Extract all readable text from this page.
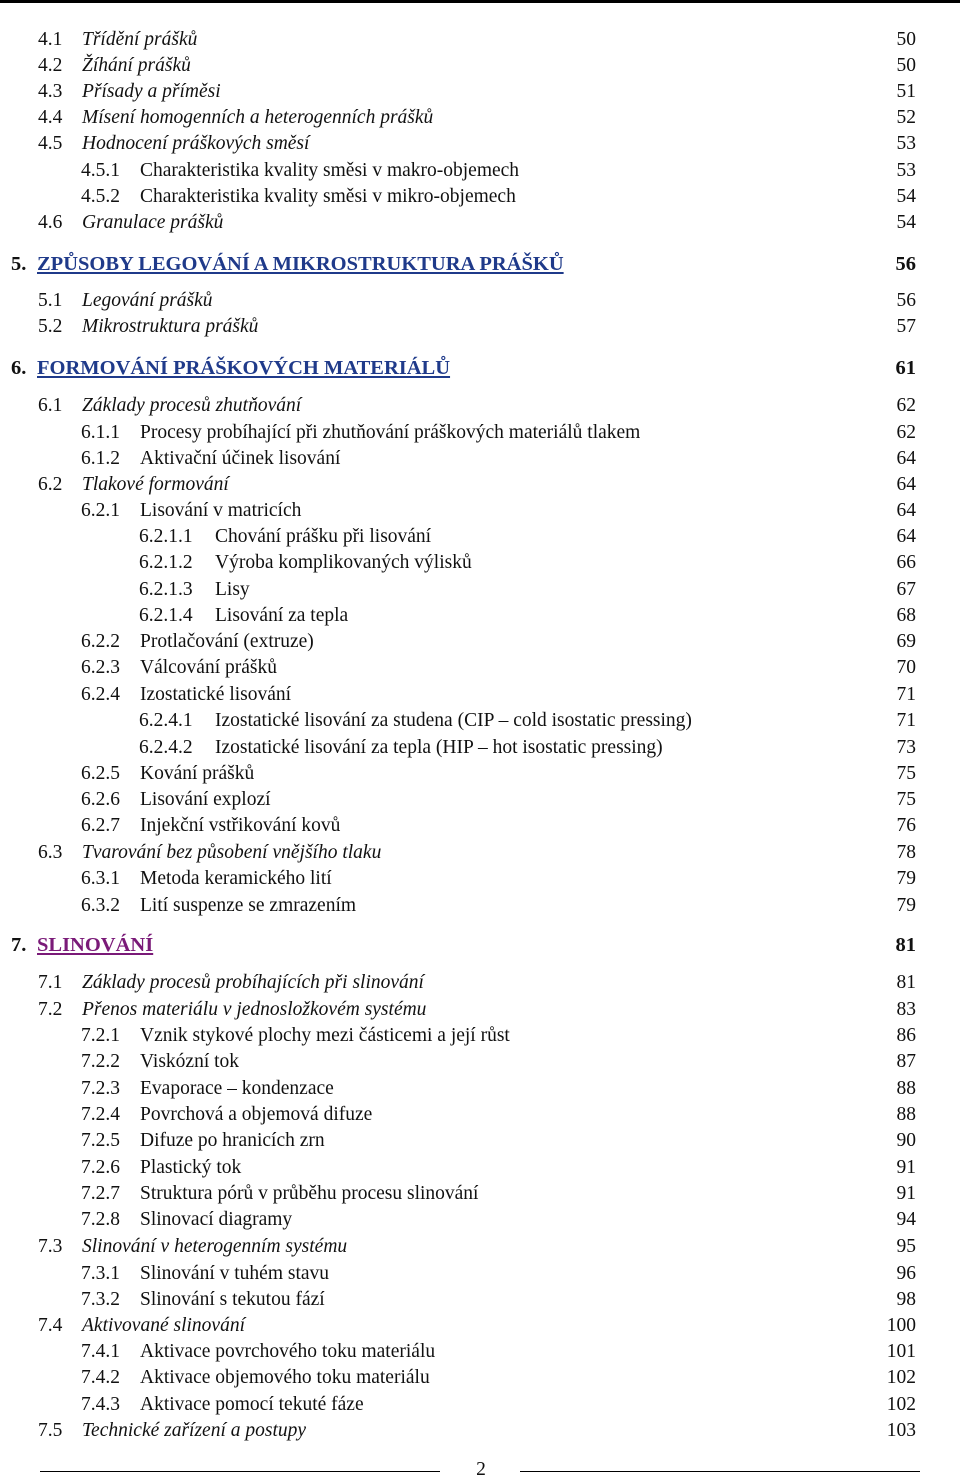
4.1 Třídění prášků	50
4.2 Žíhání prášků	50
4.3 Přísady a příměsi	51
4.4 Mísení homogenních a heterogenních prášků	52
4.5 Hodnocení práškových směsí	53
4.5.1 Charakteristika kvality směsi v makro-objemech	53
4.5.2 Charakteristika kvality směsi v mikro-objemech	54
4.6 Granulace prášků	54
5. ZPŮSOBY LEGOVÁNÍ A MIKROSTRUKTURA PRÁŠKŮ	56
5.1 Legování prášků	56
5.2 Mikrostruktura prášků	57
6. FORMOVÁNÍ PRÁŠKOVÝCH MATERIÁLŮ	61
6.1 Základy procesů zhutňování	62
6.1.1 Procesy probíhající při zhutňování práškových materiálů tlakem	62
6.1.2 Aktivační účinek lisování	64
6.2 Tlakové formování	64
6.2.1 Lisování v matricích	64
6.2.1.1 Chování prášku při lisování	64
6.2.1.2 Výroba komplikovaných výlisků	66
6.2.1.3 Lisy	67
6.2.1.4 Lisování za tepla	68
6.2.2 Protlačování (extruze)	69
6.2.3 Válcování prášků	70
6.2.4 Izostatické lisování	71
6.2.4.1 Izostatické lisování za studena (CIP – cold isostatic pressing)	71
6.2.4.2 Izostatické lisování za tepla (HIP – hot isostatic pressing)	73
6.2.5 Kování prášků	75
6.2.6 Lisování explozí	75
6.2.7 Injekční vstřikování kovů	76
6.3 Tvarování bez působení vnějšího tlaku	78
6.3.1 Metoda keramického lití	79
6.3.2 Lití suspenze se zmrazením	79
7. SLINOVÁNÍ	81
7.1 Základy procesů probíhajících při slinování	81
7.2 Přenos materiálu v jednosložkovém systému	83
7.2.1 Vznik stykové plochy mezi částicemi a její růst	86
7.2.2 Viskózní tok	87
7.2.3 Evaporace – kondenzace	88
7.2.4 Povrchová a objemová difuze	88
7.2.5 Difuze po hranicích zrn	90
7.2.6 Plastický tok	91
7.2.7 Struktura pórů v průběhu procesu slinování	91
7.2.8 Slinovací diagramy	94
7.3 Slinování v heterogenním systému	95
7.3.1 Slinování v tuhém stavu	96
7.3.2 Slinování s tekutou fází	98
7.4 Aktivované slinování	100
7.4.1 Aktivace povrchového toku materiálu	101
7.4.2 Aktivace objemového toku materiálu	102
7.4.3 Aktivace pomocí tekuté fáze	102
7.5 Technické zařízení a postupy	103
2
